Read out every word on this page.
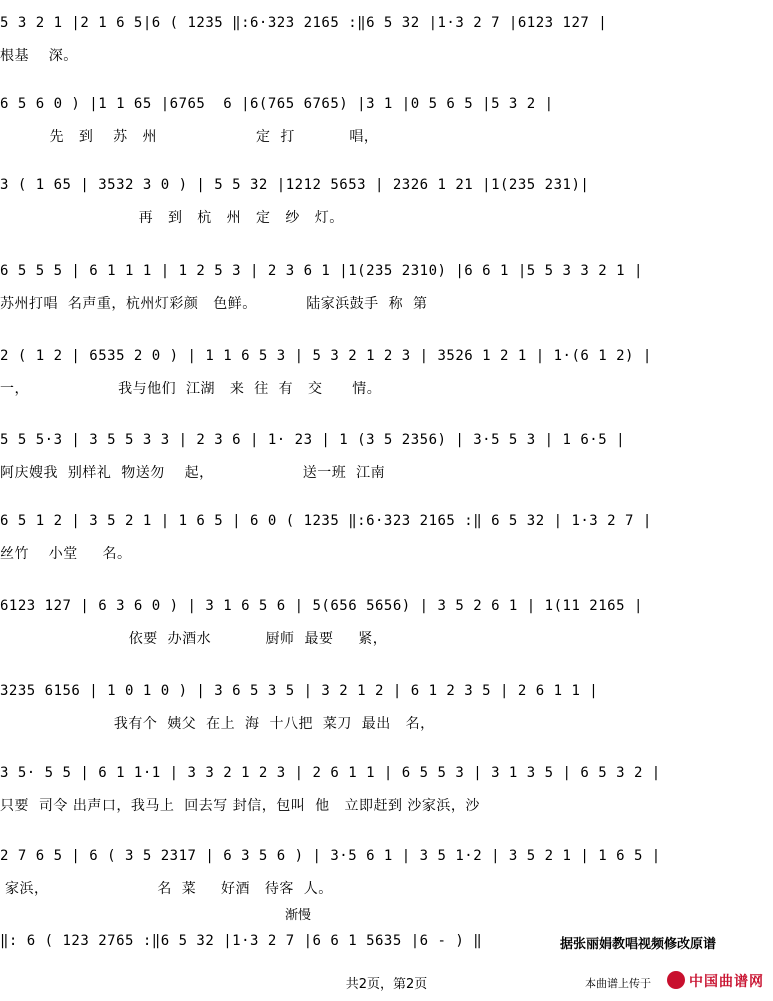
5 3 2 1 |2 1 6 5|6 ( 1235 ‖:6·323 2165 :‖6 5 32 |1·3 2 7 |6123 127 |
根基    深。
6 5 6 0 ) |1 1 65 |6765  6 |6(765 6765) |3 1 |0 5 6 5 |5 3 2 |
先   到    苏   州                    定  打           唱，
3 ( 1 65 | 3532 3 0 ) | 5 5 32 |1212 5653 | 2326 1 21 |1(235 231)|
再   到   杭   州   定   纱   灯。
6 5 5 5 | 6 1 1 1 | 1 2 5 3 | 2 3 6 1 |1(235 2310) |6 6 1 |5 5 3 3 2 1 |
苏州打唱  名声重，杭州灯彩颜   色鲜。          陆家浜鼓手  称  第
2 ( 1 2 | 6535 2 0 ) | 1 1 6 5 3 | 5 3 2 1 2 3 | 3526 1 2 1 | 1·(6 1 2) |
一，                  我与他们  江湖   来  往  有   交      情。
5 5 5·3 | 3 5 5 3 3 | 2 3 6 | 1· 23 | 1 (3 5 2356) | 3·5 5 3 | 1 6·5 |
阿庆嫂我  别样礼  物送勿    起，                  送一班  江南
6 5 1 2 | 3 5 2 1 | 1 6 5 | 6 0 ( 1235 ‖:6·323 2165 :‖ 6 5 32 | 1·3 2 7 |
丝竹    小堂     名。
6123 127 | 6 3 6 0 ) | 3 1 6 5 6 | 5(656 5656) | 3 5 2 6 1 | 1(11 2165 |
依要  办酒水           厨师  最要     紧，
3235 6156 | 1 0 1 0 ) | 3 6 5 3 5 | 3 2 1 2 | 6 1 2 3 5 | 2 6 1 1 |
我有个  姨父  在上  海  十八把  菜刀  最出   名，
3 5· 5 5 | 6 1 1·1 | 3 3 2 1 2 3 | 2 6 1 1 | 6 5 5 3 | 3 1 3 5 | 6 5 3 2 |
只要  司令 出声口，我马上  回去写 封信，包叫  他   立即赶到 沙家浜，沙
2 7 6 5 | 6 ( 3 5 2317 | 6 3 5 6 ) | 3·5 6 1 | 3 5 1·2 | 3 5 2 1 | 1 6 5 |
家浜，                      名  菜     好酒   待客  人。
‖: 6 ( 123 2765 :‖6 5 32 |1·3 2 7 |6 6 1 5635 |6 - ) ‖	据张丽娟教唱视频修改原谱
渐慢
共2页，第2页	本曲谱上传于	中国曲谱网
